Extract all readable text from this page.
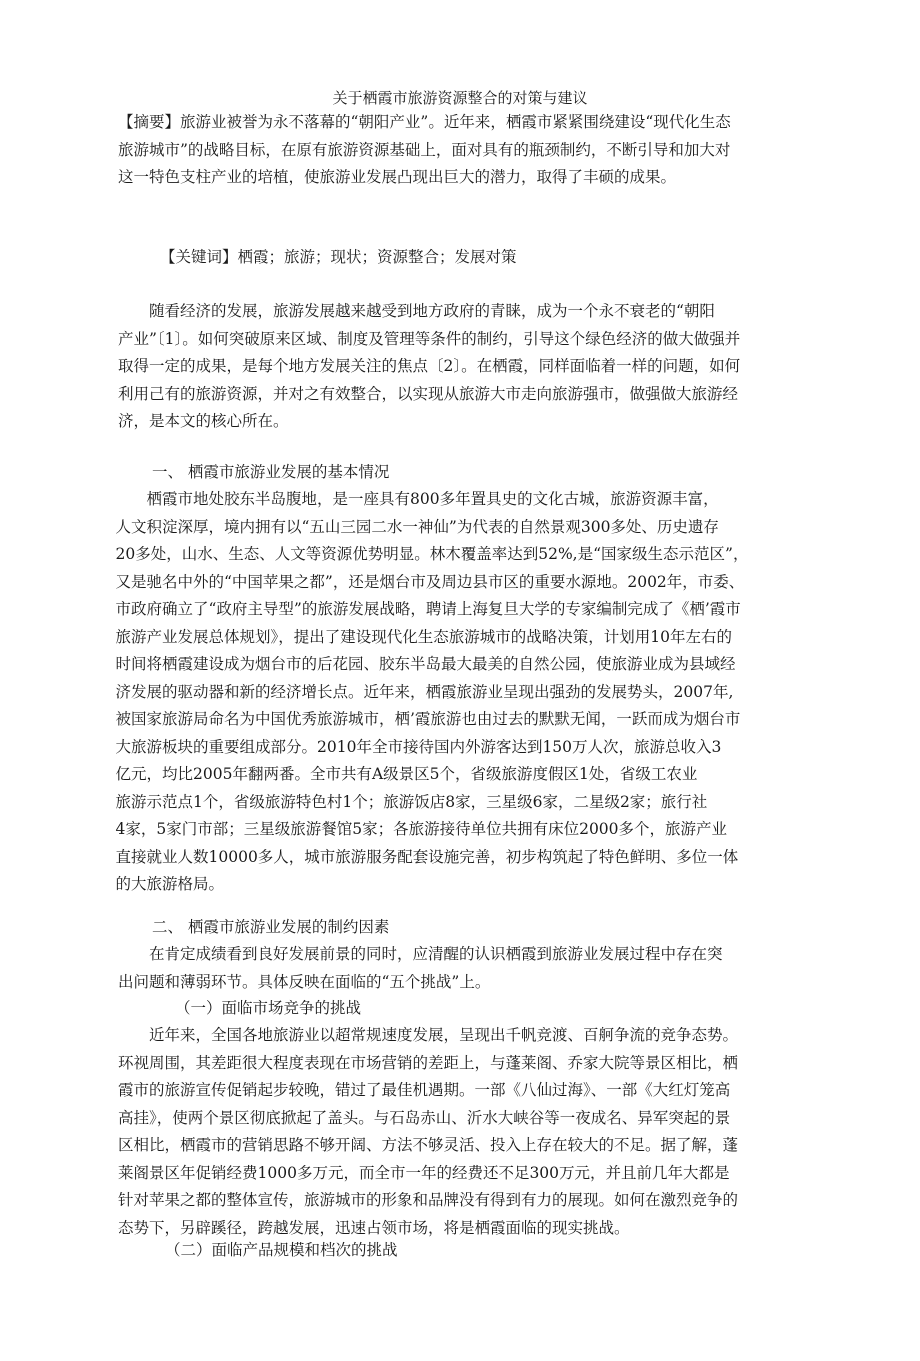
关于栖霞市旅游资源整合的对策与建议
【摘要】旅游业被誉为永不落幕的“朝阳产业”。近年来，栖霞市紧紧围绕建设“现代化生态
旅游城市”的战略目标，在原有旅游资源基础上，面对具有的瓶颈制约，不断引导和加大对
这一特色支柱产业的培植，使旅游业发展凸现出巨大的潜力，取得了丰硕的成果。
【关键词】栖霞；旅游；现状；资源整合；发展对策
　　随看经济的发展，旅游发展越来越受到地方政府的青睐，成为一个永不衰老的“朝阳
产业”〔1〕。如何突破原来区域、制度及管理等条件的制约，引导这个绿色经济的做大做强并
取得一定的成果，是每个地方发展关注的焦点〔2〕。在栖霞，同样面临着一样的问题，如何
利用己有的旅游资源，并对之有效整合，以实现从旅游大市走向旅游强市，做强做大旅游经
济，是本文的核心所在。
一、 栖霞市旅游业发展的基本情况
　　　栖霞市地处胶东半岛腹地，是一座具有800多年置具史的文化古城，旅游资源丰富，
　人文积淀深厚，境内拥有以“五山三园二水一神仙”为代表的自然景观300多处、历史遗存
　20多处，山水、生态、人文等资源优势明显。林木覆盖率达到52%,是“国家级生态示范区”，
　又是驰名中外的“中国苹果之都”，还是烟台市及周边县市区的重要水源地。2002年，市委、
　市政府确立了“政府主导型”的旅游发展战略，聘请上海复旦大学的专家编制完成了《栖’霞市
　旅游产业发展总体规划》，提出了建设现代化生态旅游城市的战略决策，计划用10年左右的
　时间将栖霞建设成为烟台市的后花园、胶东半岛最大最美的自然公园，使旅游业成为县域经
　济发展的驱动器和新的经济增长点。近年来，栖霞旅游业呈现出强劲的发展势头，2007年,
　被国家旅游局命名为中国优秀旅游城市，栖’霞旅游也由过去的默默无闻，一跃而成为烟台市
　大旅游板块的重要组成部分。2010年全市接待国内外游客达到150万人次，旅游总收入3
　亿元，均比2005年翻两番。全市共有A级景区5个，省级旅游度假区1处，省级工农业
　旅游示范点1个，省级旅游特色村1个；旅游饭店8家，三星级6家，二星级2家；旅行社
　4家，5家门市部；三星级旅游餐馆5家；各旅游接待单位共拥有床位2000多个，旅游产业
　直接就业人数10000多人，城市旅游服务配套设施完善，初步构筑起了特色鲜明、多位一体
　的大旅游格局。
二、 栖霞市旅游业发展的制约因素
　　在肯定成绩看到良好发展前景的同时，应清醒的认识栖霞到旅游业发展过程中存在突
出问题和薄弱环节。具体反映在面临的“五个挑战”上。
（一）面临市场竞争的挑战
　　近年来，全国各地旅游业以超常规速度发展，呈现出千帆竞渡、百舸争流的竞争态势。
环视周围，其差距很大程度表现在市场营销的差距上，与蓬莱阁、乔家大院等景区相比，栖
霞市的旅游宣传促销起步较晚，错过了最佳机遇期。一部《八仙过海》、一部《大红灯笼高
高挂》，使两个景区彻底掀起了盖头。与石岛赤山、沂水大峡谷等一夜成名、异军突起的景
区相比，栖霞市的营销思路不够开阔、方法不够灵活、投入上存在较大的不足。据了解，蓬
莱阁景区年促销经费1000多万元，而全市一年的经费还不足300万元，并且前几年大都是
针对苹果之都的整体宣传，旅游城市的形象和品牌没有得到有力的展现。如何在激烈竞争的
态势下，另辟蹊径，跨越发展，迅速占领市场，将是栖霞面临的现实挑战。
（二）面临产品规模和档次的挑战
